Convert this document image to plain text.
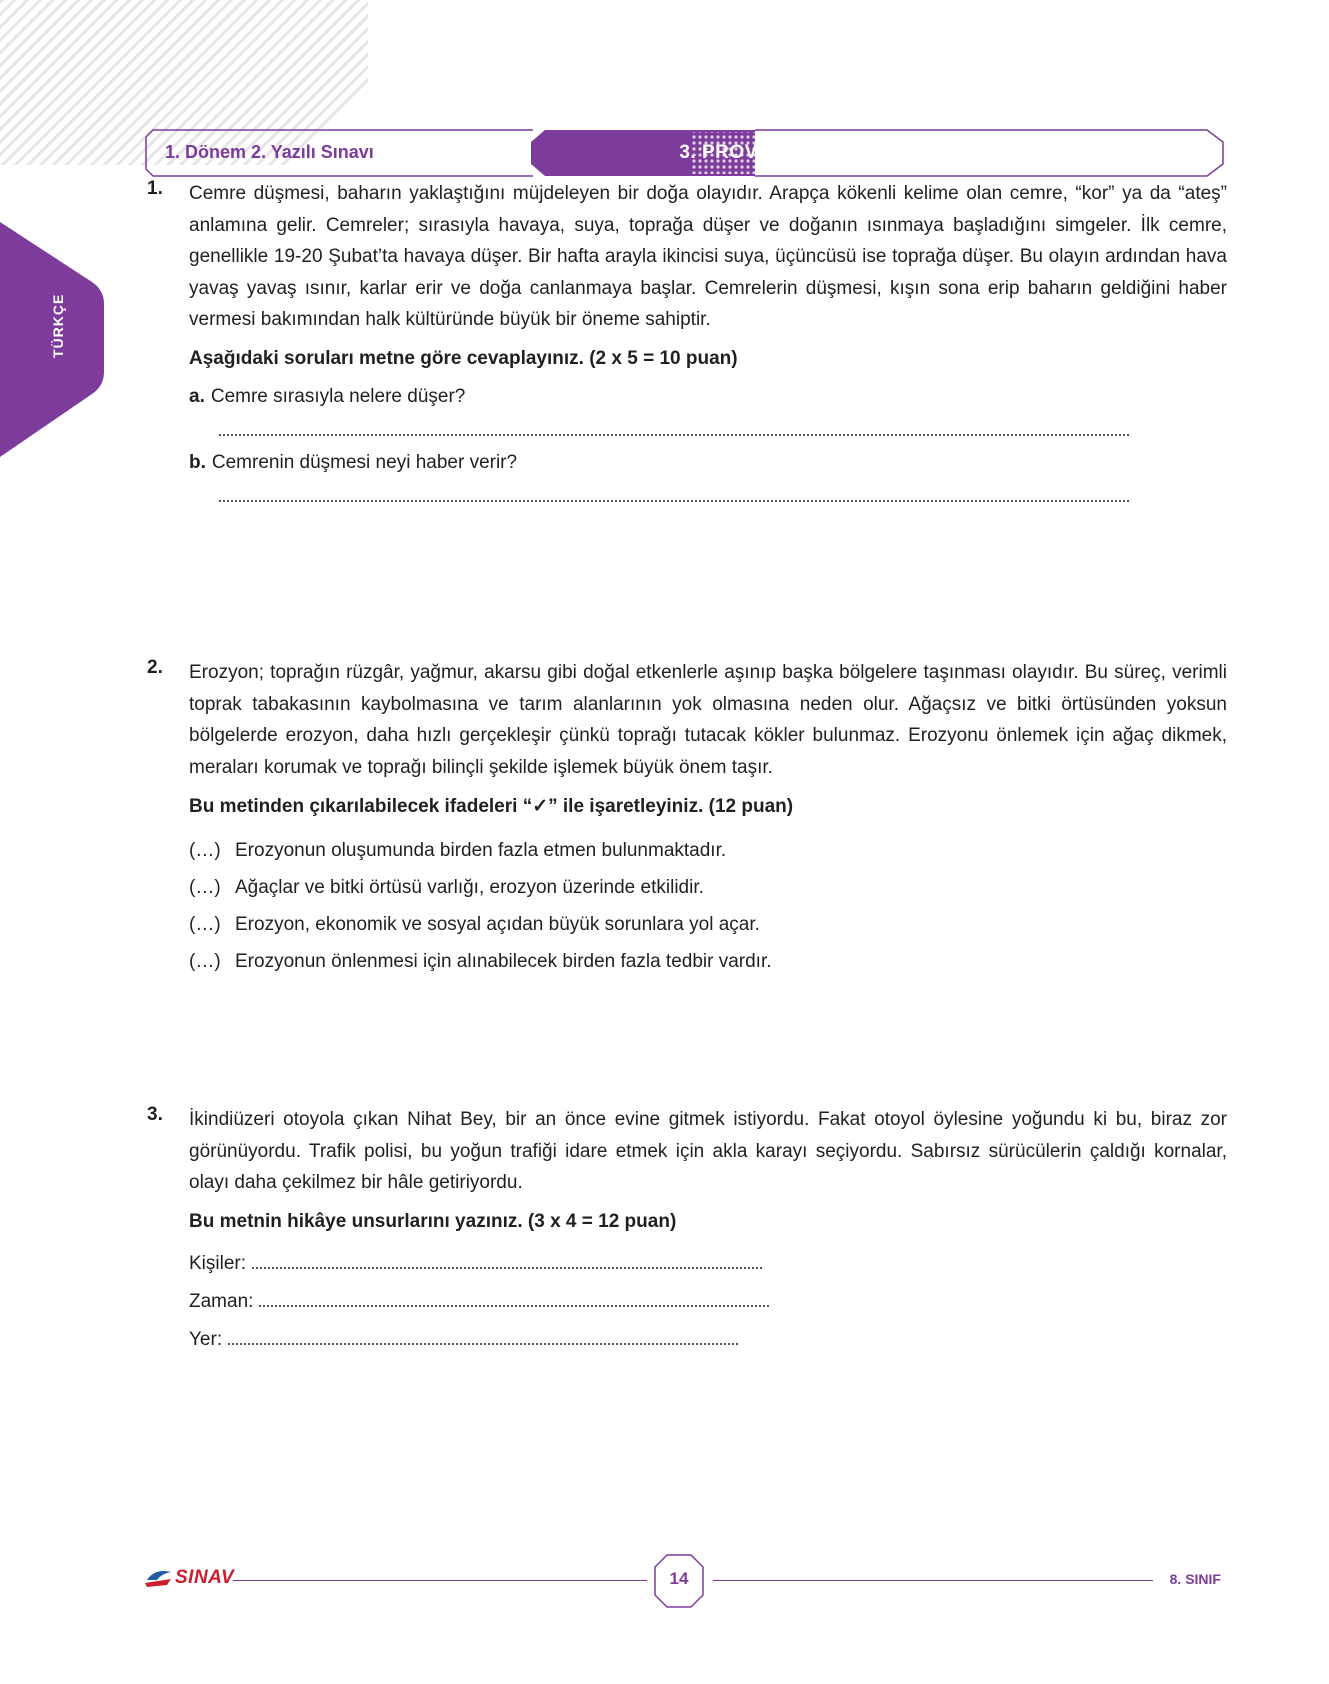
TÜRKÇE
1. Dönem 2. Yazılı Sınavı	3. PROVA
1. Cemre düşmesi, baharın yaklaştığını müjdeleyen bir doğa olayıdır. Arapça kökenli kelime olan cemre, “kor” ya da “ateş” anlamına gelir. Cemreler; sırasıyla havaya, suya, toprağa düşer ve doğanın ısınmaya başladığını simgeler. İlk cemre, genellikle 19-20 Şubat’ta havaya düşer. Bir hafta arayla ikincisi suya, üçüncüsü ise toprağa düşer. Bu olayın ardından hava yavaş yavaş ısınır, karlar erir ve doğa canlanmaya başlar. Cemrelerin düşmesi, kışın sona erip baharın geldiğini haber vermesi bakımından halk kültüründe büyük bir öneme sahiptir.
Aşağıdaki soruları metne göre cevaplayınız. (2 x 5 = 10 puan)
a. Cemre sırasıyla nelere düşer?
b. Cemrenin düşmesi neyi haber verir?
2. Erozyon; toprağın rüzgâr, yağmur, akarsu gibi doğal etkenlerle aşınıp başka bölgelere taşınması olayıdır. Bu süreç, verimli toprak tabakasının kaybolmasına ve tarım alanlarının yok olmasına neden olur. Ağaçsız ve bitki örtüsünden yoksun bölgelerde erozyon, daha hızlı gerçekleşir çünkü toprağı tutacak kökler bulunmaz. Erozyonu önlemek için ağaç dikmek, meraları korumak ve toprağı bilinçli şekilde işlemek büyük önem taşır.
Bu metinden çıkarılabilecek ifadeleri “✓” ile işaretleyiniz. (12 puan)
(…) Erozyonun oluşumunda birden fazla etmen bulunmaktadır.
(…) Ağaçlar ve bitki örtüsü varlığı, erozyon üzerinde etkilidir.
(…) Erozyon, ekonomik ve sosyal açıdan büyük sorunlara yol açar.
(…) Erozyonun önlenmesi için alınabilecek birden fazla tedbir vardır.
3. İkindiüzeri otoyola çıkan Nihat Bey, bir an önce evine gitmek istiyordu. Fakat otoyol öylesine yoğundu ki bu, biraz zor görünüyordu. Trafik polisi, bu yoğun trafiği idare etmek için akla karayı seçiyordu. Sabırsız sürücülerin çaldığı kornalar, olayı daha çekilmez bir hâle getiriyordu.
Bu metnin hikâye unsurlarını yazınız. (3 x 4 = 12 puan)
Kişiler:
Zaman:
Yer:
SINAV	14	8. SINIF
